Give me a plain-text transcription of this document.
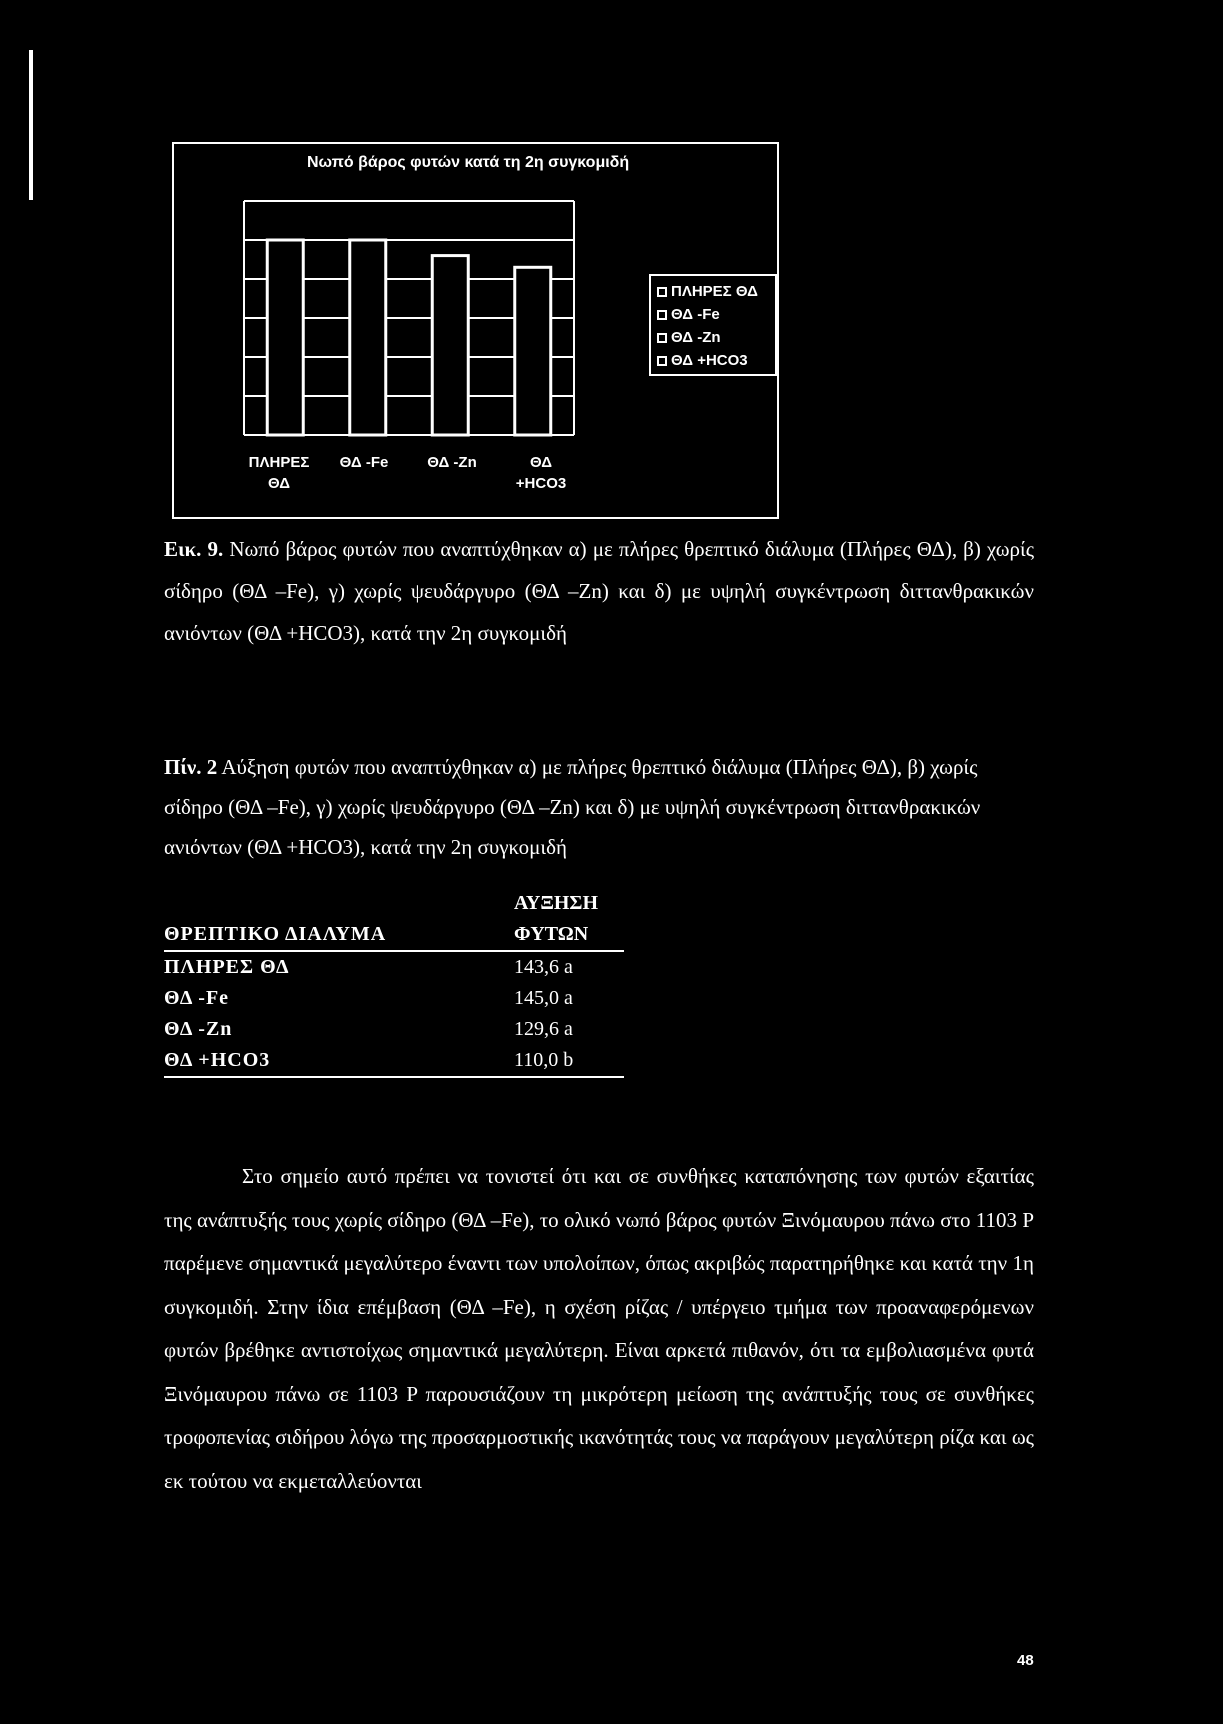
Νωπό βάρος φυτών κατά τη 2η συγκομιδή
ΠΛΗΡΕΣ ΘΔ
ΘΔ -Fe
ΘΔ -Zn
ΘΔ +HCO3
ΠΛΗΡΕΣ
ΘΔ
ΘΔ -Fe	ΘΔ -Zn	ΘΔ
+HCO3
Εικ. 9. Νωπό βάρος φυτών που αναπτύχθηκαν α) με πλήρες θρεπτικό διάλυμα (Πλήρες ΘΔ), β) χωρίς σίδηρο (ΘΔ –Fe), γ) χωρίς ψευδάργυρο (ΘΔ –Zn) και δ) με υψηλή συγκέντρωση διττανθρακικών ανιόντων (ΘΔ +HCO3), κατά την 2η συγκομιδή
Πίν. 2 Αύξηση φυτών που αναπτύχθηκαν α) με πλήρες θρεπτικό διάλυμα (Πλήρες ΘΔ), β) χωρίς σίδηρο (ΘΔ –Fe), γ) χωρίς ψευδάργυρο (ΘΔ –Zn) και δ) με υψηλή συγκέντρωση διττανθρακικών ανιόντων (ΘΔ +HCO3), κατά την 2η συγκομιδή
	ΑΥΞΗΣΗ
ΘΡΕΠΤΙΚΟ ΔΙΑΛΥΜΑ	ΦΥΤΩΝ
ΠΛΗΡΕΣ ΘΔ	143,6 a
ΘΔ -Fe	145,0 a
ΘΔ -Zn	129,6 a
ΘΔ +HCO3	110,0 b
Στο σημείο αυτό πρέπει να τονιστεί ότι και σε συνθήκες καταπόνησης των φυτών εξαιτίας της ανάπτυξής τους χωρίς σίδηρο (ΘΔ –Fe), το ολικό νωπό βάρος φυτών Ξινόμαυρου πάνω στο 1103 P παρέμενε σημαντικά μεγαλύτερο έναντι των υπολοίπων, όπως ακριβώς παρατηρήθηκε και κατά την 1η συγκομιδή. Στην ίδια επέμβαση (ΘΔ –Fe), η σχέση ρίζας / υπέργειο τμήμα των προαναφερόμενων φυτών βρέθηκε αντιστοίχως σημαντικά μεγαλύτερη. Είναι αρκετά πιθανόν, ότι τα εμβολιασμένα φυτά Ξινόμαυρου πάνω σε 1103 P παρουσιάζουν τη μικρότερη μείωση της ανάπτυξής τους σε συνθήκες τροφοπενίας σιδήρου λόγω της προσαρμοστικής ικανότητάς τους να παράγουν μεγαλύτερη ρίζα και ως εκ τούτου να εκμεταλλεύονται
48
